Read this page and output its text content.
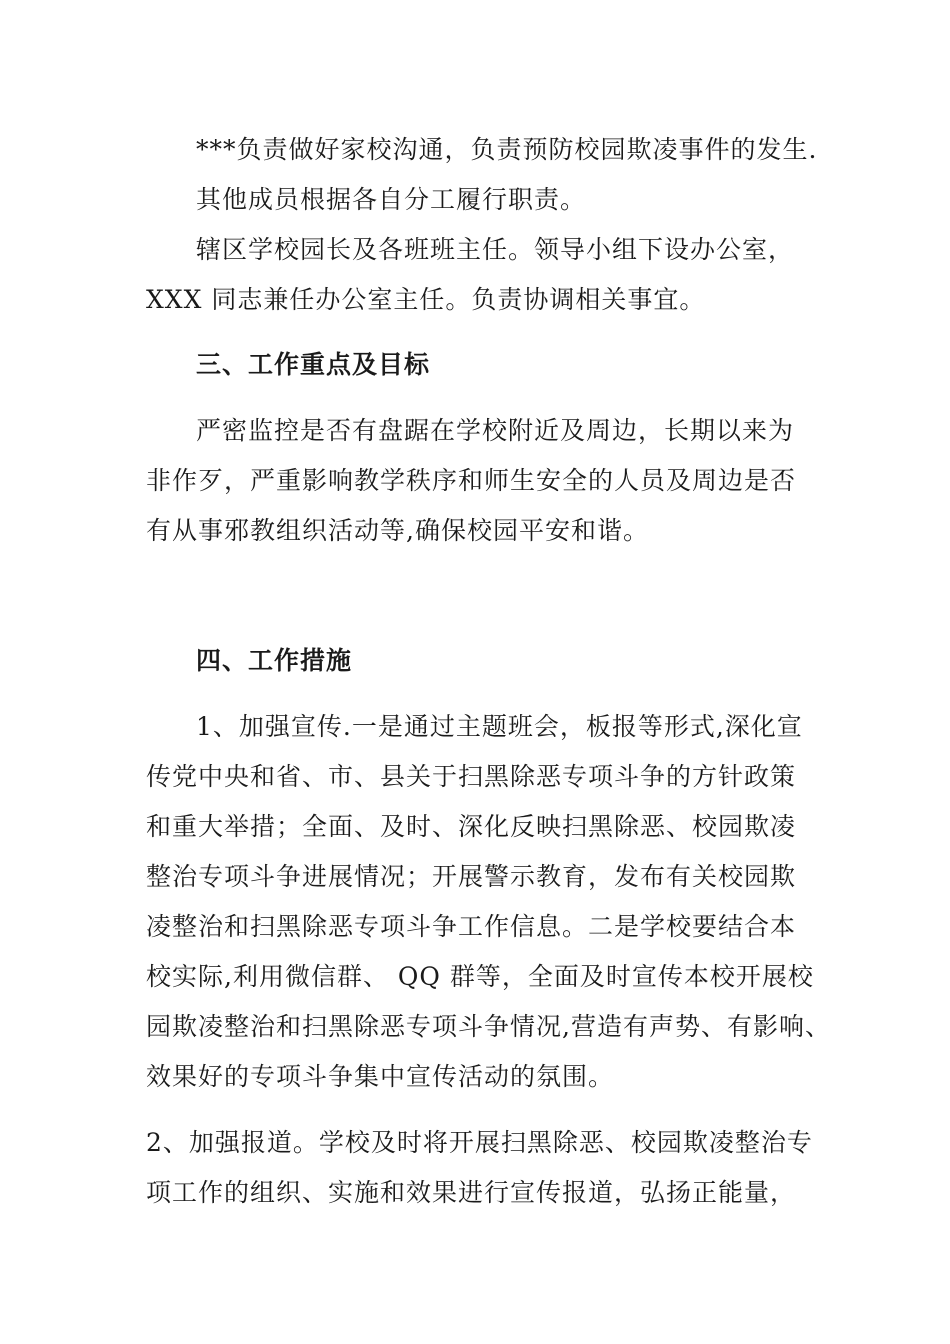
***负责做好家校沟通，负责预防校园欺凌事件的发生.
其他成员根据各自分工履行职责。
辖区学校园长及各班班主任。领导小组下设办公室，
XXX 同志兼任办公室主任。负责协调相关事宜。
三、工作重点及目标
严密监控是否有盘踞在学校附近及周边，长期以来为
非作歹，严重影响教学秩序和师生安全的人员及周边是否
有从事邪教组织活动等,确保校园平安和谐。
四、工作措施
1、加强宣传.一是通过主题班会，板报等形式,深化宣
传党中央和省、市、县关于扫黑除恶专项斗争的方针政策
和重大举措；全面、及时、深化反映扫黑除恶、校园欺凌
整治专项斗争进展情况；开展警示教育，发布有关校园欺
凌整治和扫黑除恶专项斗争工作信息。二是学校要结合本
校实际,利用微信群、 QQ 群等，全面及时宣传本校开展校
园欺凌整治和扫黑除恶专项斗争情况,营造有声势、有影响、
效果好的专项斗争集中宣传活动的氛围。
2、加强报道。学校及时将开展扫黑除恶、校园欺凌整治专
项工作的组织、实施和效果进行宣传报道，弘扬正能量，
